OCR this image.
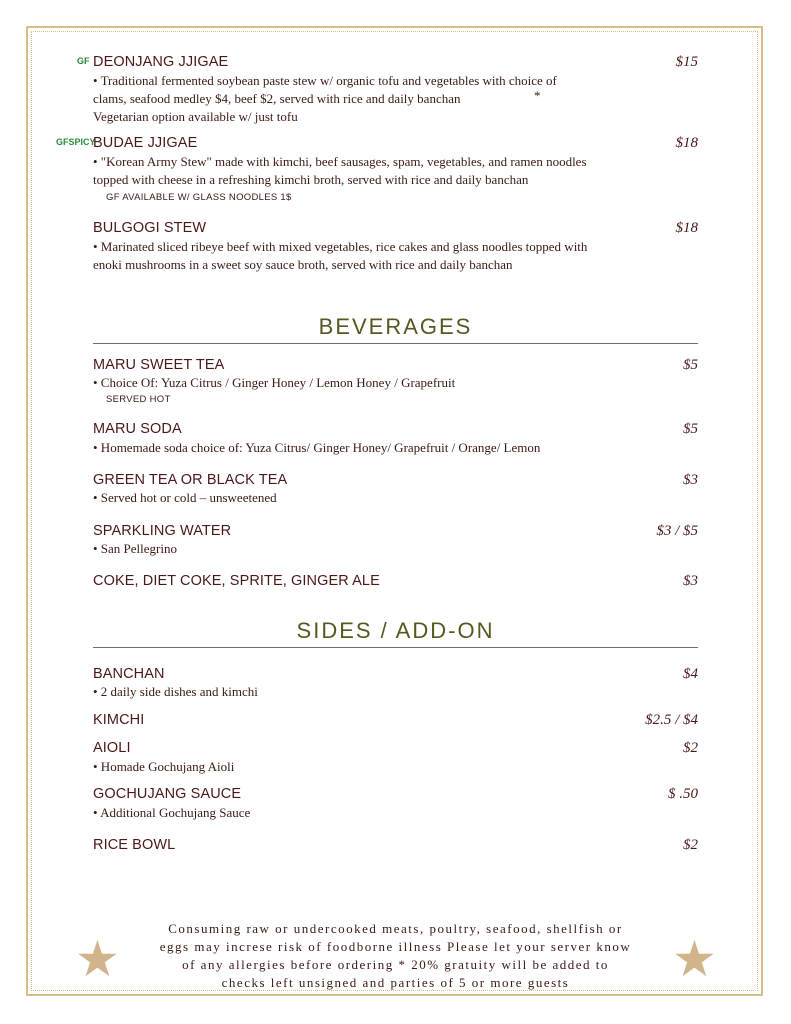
GF DEONJANG JJIGAE	$15
• Traditional fermented soybean paste stew w/ organic tofu and vegetables with choice of
clams, seafood medley $4, beef $2, served with rice and daily banchan	*
Vegetarian option available w/ just tofu
GFSPICY
BUDAE JJIGAE	$18
• "Korean Army Stew" made with kimchi, beef sausages, spam, vegetables, and ramen noodles
topped with cheese in a refreshing kimchi broth, served with rice and daily banchan
GF AVAILABLE W/ GLASS NOODLES 1$
BULGOGI STEW	$18
• Marinated sliced ribeye beef with mixed vegetables, rice cakes and glass noodles topped with
enoki mushrooms in a sweet soy sauce broth, served with rice and daily banchan
BEVERAGES
MARU SWEET TEA	$5
• Choice Of: Yuza Citrus / Ginger Honey / Lemon Honey / Grapefruit
SERVED HOT
MARU SODA	$5
• Homemade soda choice of: Yuza Citrus/ Ginger Honey/ Grapefruit / Orange/ Lemon
GREEN TEA OR BLACK TEA	$3
• Served hot or cold – unsweetened
SPARKLING WATER	$3 / $5
• San Pellegrino
COKE, DIET COKE, SPRITE, GINGER ALE	$3
SIDES / ADD-ON
BANCHAN	$4
• 2 daily side dishes and kimchi
KIMCHI	$2.5 / $4
AIOLI	$2
• Homade Gochujang Aioli
GOCHUJANG SAUCE	$ .50
• Additional Gochujang Sauce
RICE BOWL	$2
★	★
Consuming raw or undercooked meats, poultry, seafood, shellfish or
eggs may increse risk of foodborne illness Please let your server know
of any allergies before ordering * 20% gratuity will be added to
checks left unsigned and parties of 5 or more guests
